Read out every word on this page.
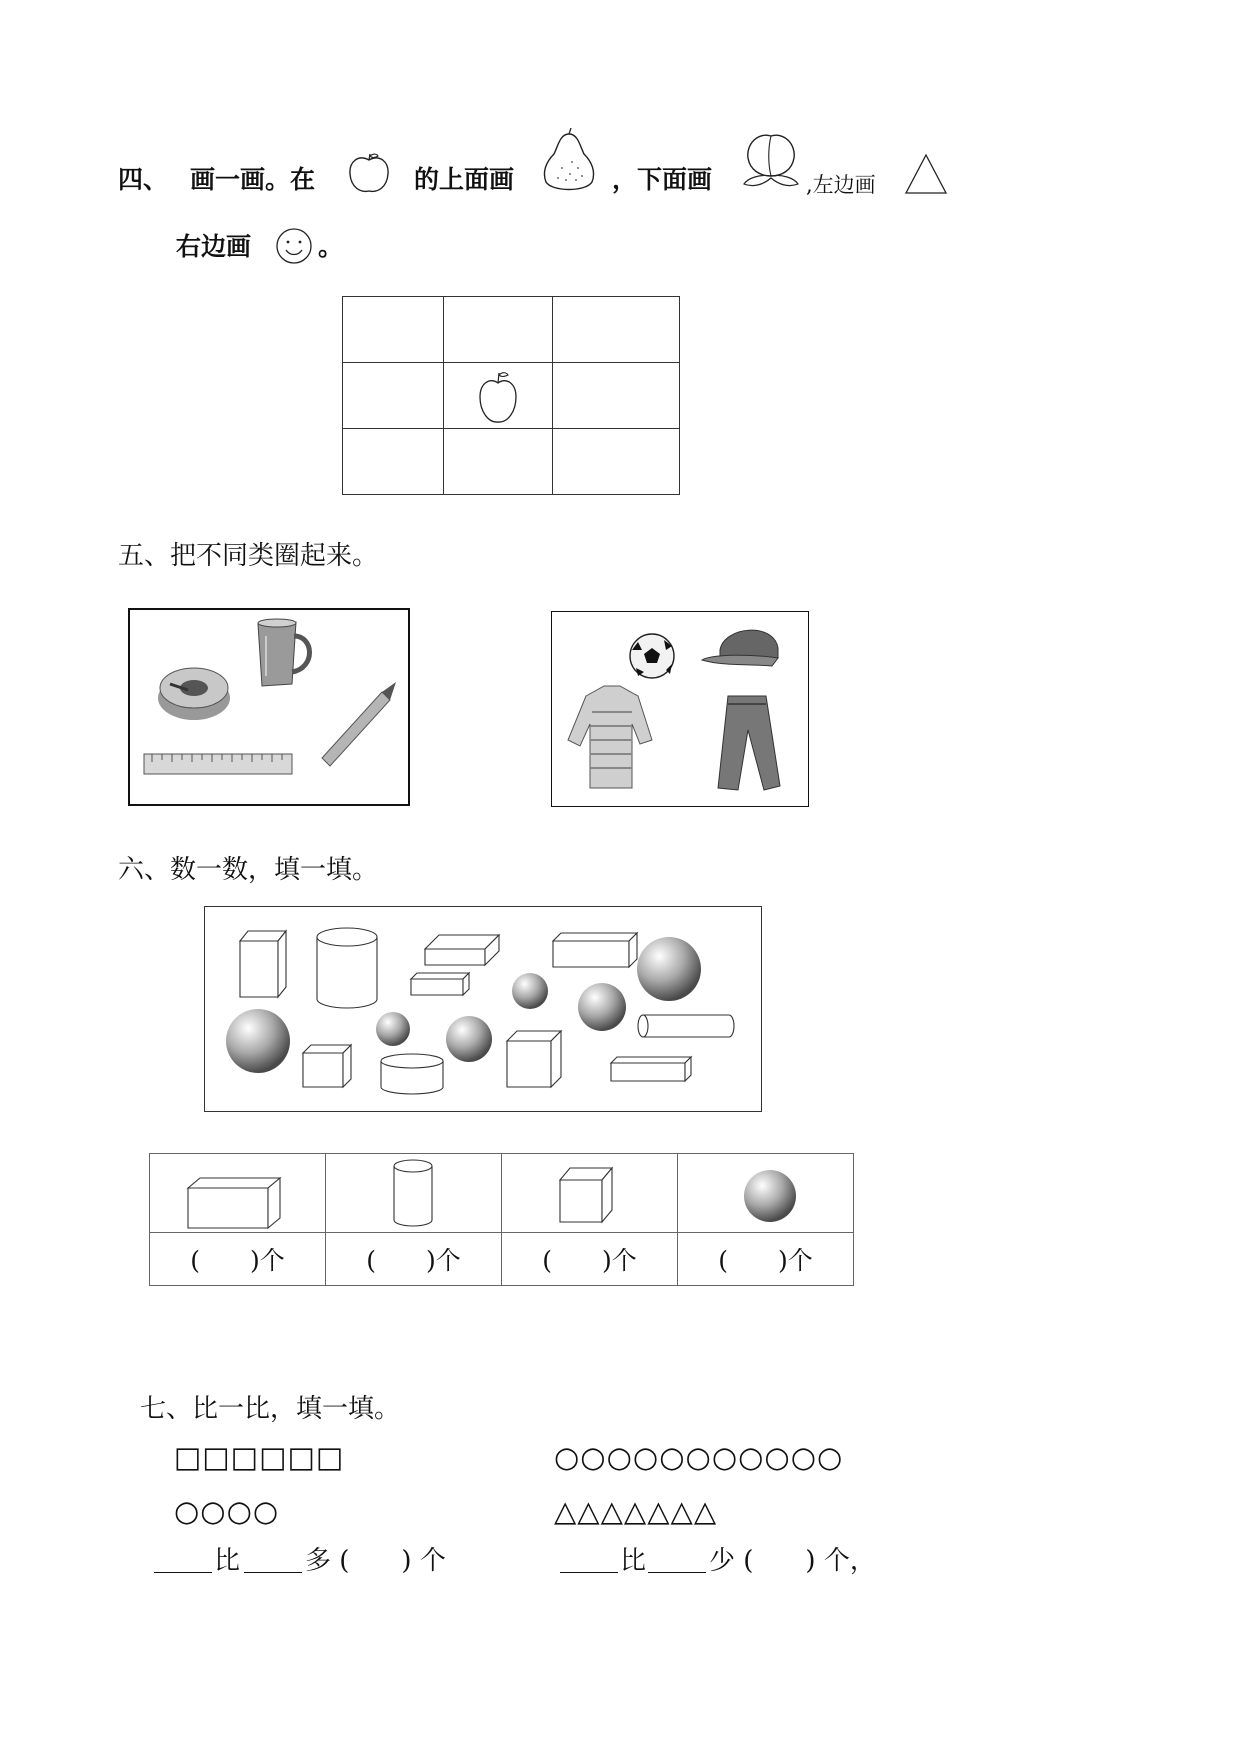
四、 画一画。在	的上面画	，下面画	,左边画
右边画	。

五、把不同类圈起来。
六、数一数，填一填。

(　　)个	(　　)个	(　　)个	(　　)个
七、比一比，填一填。
□□□□□□	○○○○○○○○○○○
○○○○	△△△△△△△
比 多 (　　) 个	比 少 (　　) 个，
